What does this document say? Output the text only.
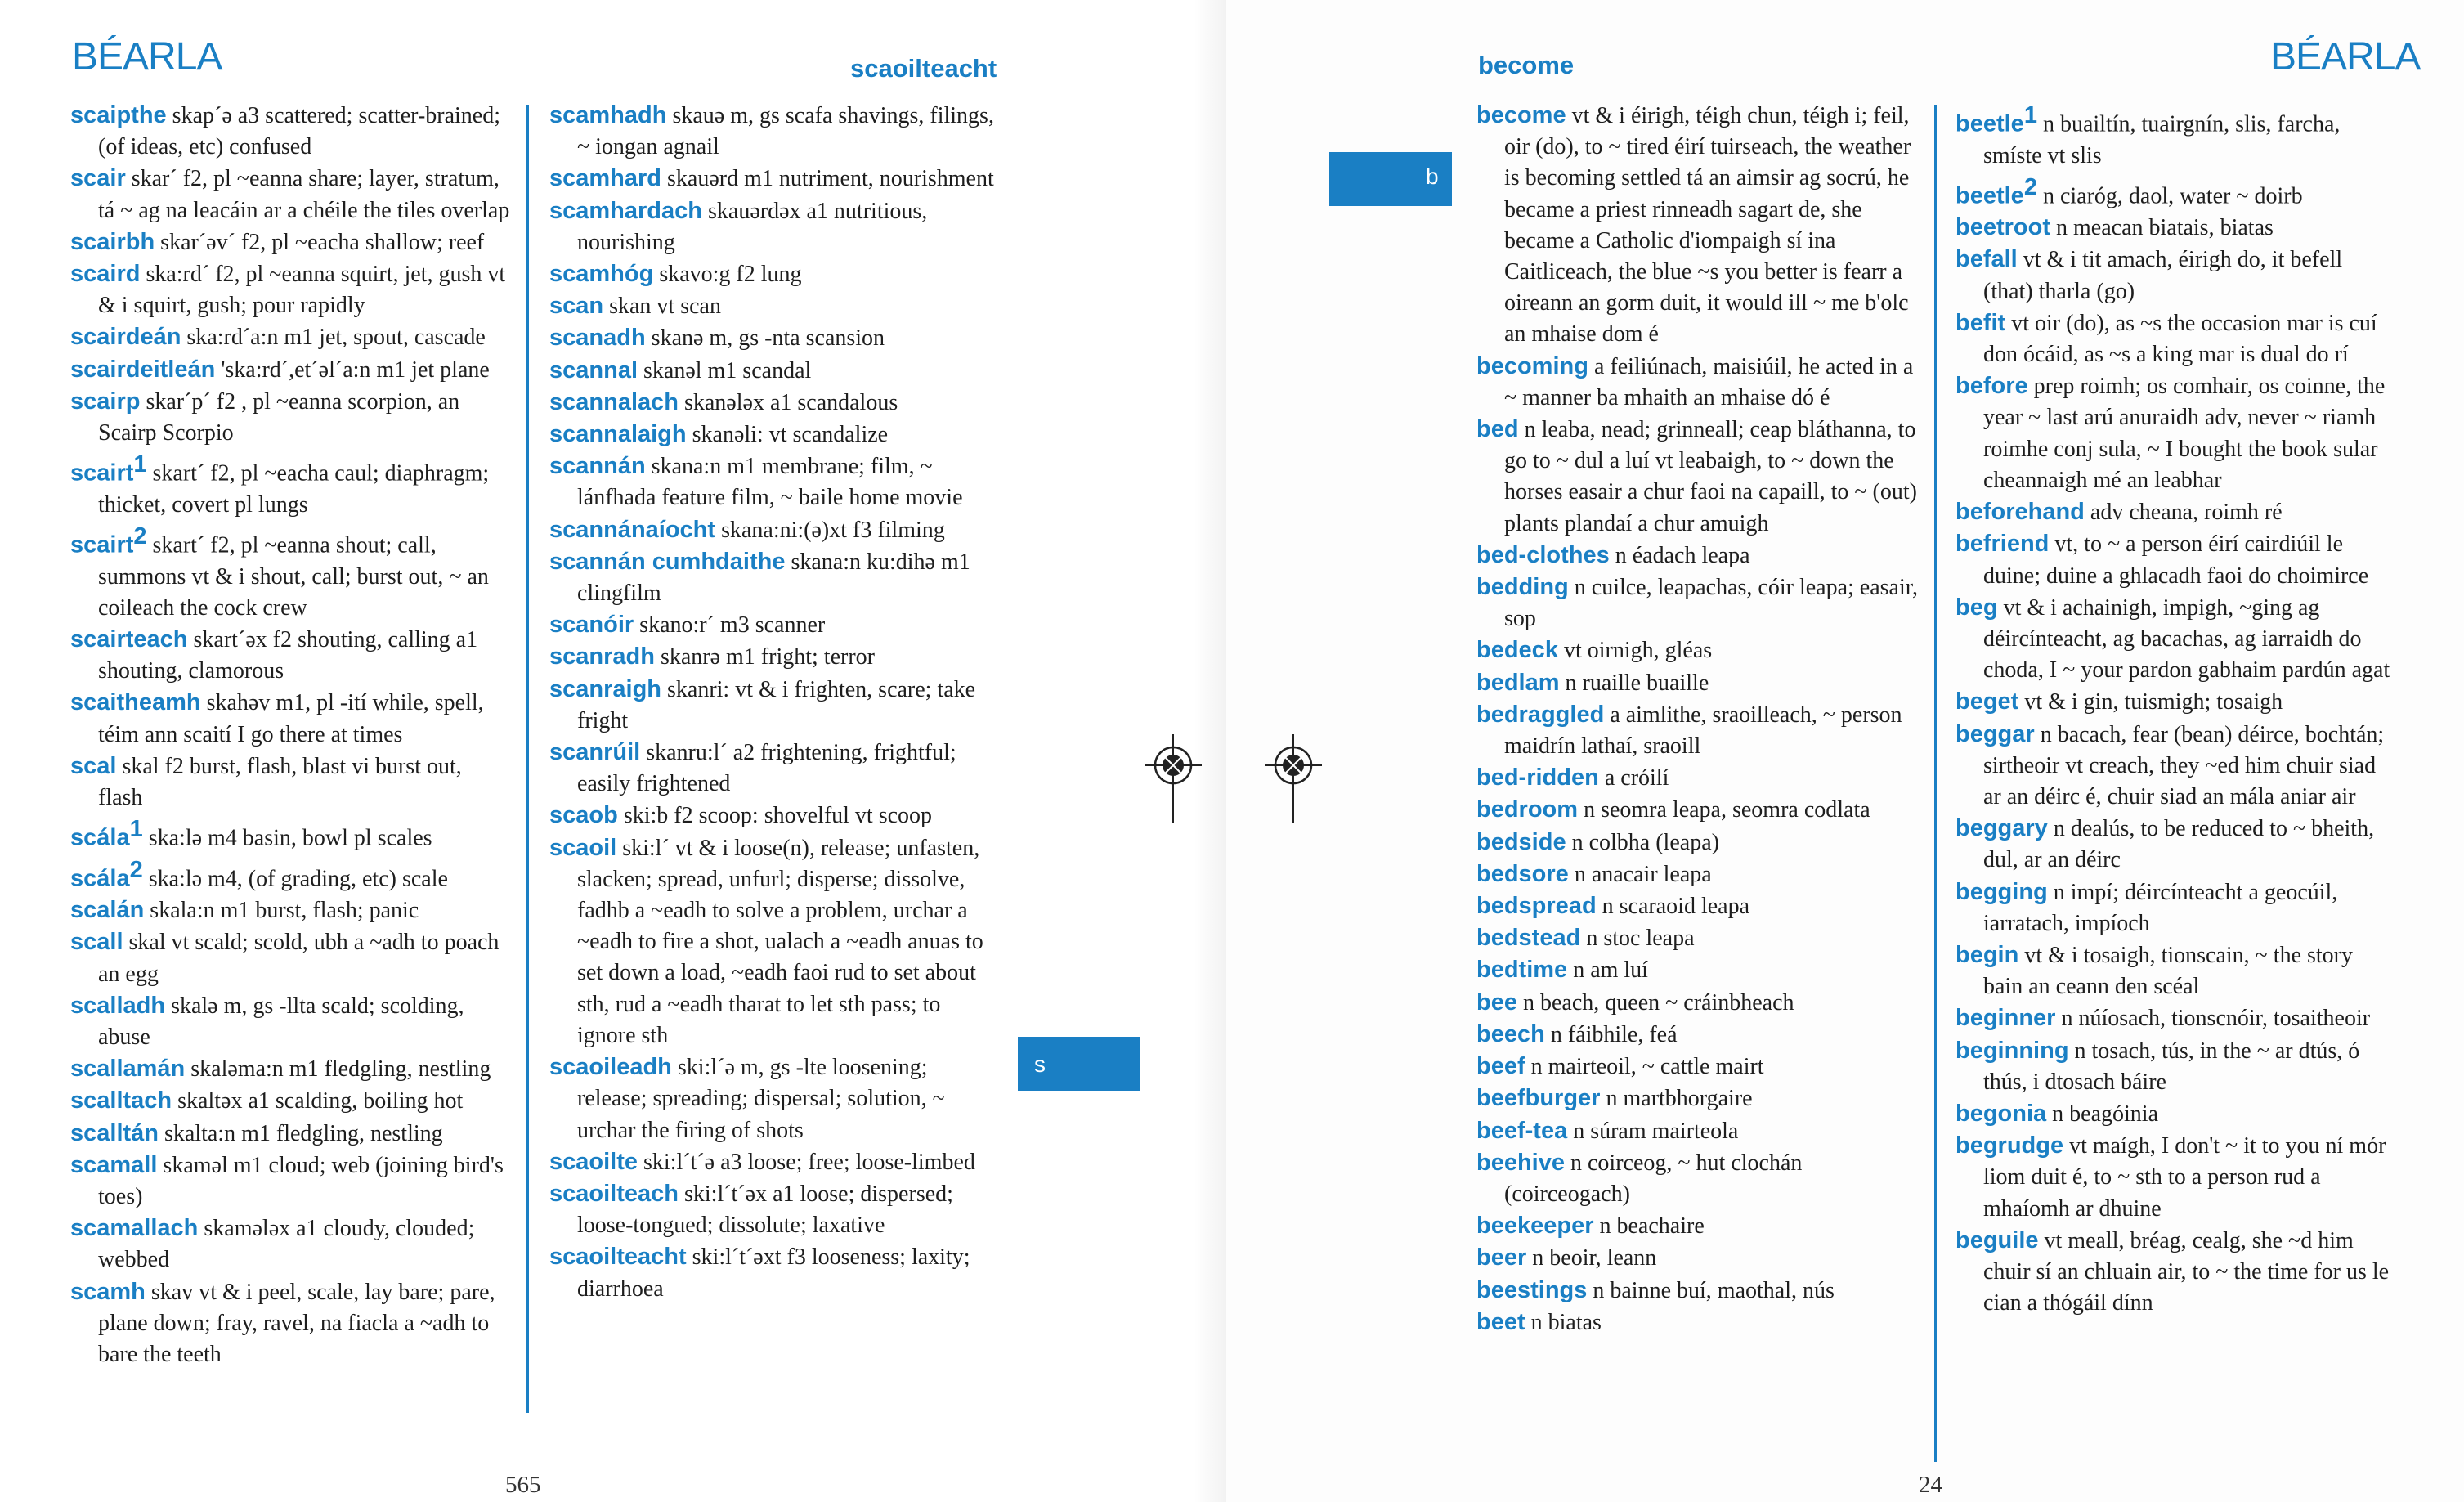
BÉARLA	scaoilteacht

scaipthe skap´ə a3 scattered; scatter-brained; (of ideas, etc) confused

scair skar´ f2, pl ~eanna share; layer, stratum, tá ~ ag na leacáin ar a chéile the tiles overlap

scairbh skar´əv´ f2, pl ~eacha shallow; reef

scaird ska:rd´ f2, pl ~eanna squirt, jet, gush vt & i squirt, gush; pour rapidly

scairdeán ska:rd´a:n m1 jet, spout, cascade

scairdeitleán 'ska:rd´,et´əl´a:n m1 jet plane

scairp skar´p´ f2 , pl ~eanna scorpion, an Scairp Scorpio

scairt$^1$ skart´ f2, pl ~eacha caul; diaphragm; thicket, covert pl lungs

scairt$^2$ skart´ f2, pl ~eanna shout; call, summons vt & i shout, call; burst out, ~ an coileach the cock crew

scairteach skart´əx f2 shouting, calling a1 shouting, clamorous

scaitheamh skahəv m1, pl -ití while, spell, téim ann scaití I go there at times

scal skal f2 burst, flash, blast vi burst out, flash

scála$^1$ ska:lə m4 basin, bowl pl scales

scála$^2$ ska:lə m4, (of grading, etc) scale

scalán skala:n m1 burst, flash; panic

scall skal vt scald; scold, ubh a ~adh to poach an egg

scalladh skalə m, gs -llta scald; scolding, abuse

scallamán skaləma:n m1 fledgling, nestling

scalltach skaltəx a1 scalding, boiling hot

scalltán skalta:n m1 fledgling, nestling

scamall skaməl m1 cloud; web (joining bird's toes)

scamallach skaməlәx a1 cloudy, clouded; webbed

scamh skav vt & i peel, scale, lay bare; pare, plane down; fray, ravel, na fiacla a ~adh to bare the teeth

scamhadh skauə m, gs scafa shavings, filings, ~ iongan agnail

scamhard skauərd m1 nutriment, nourishment

scamhardach skauərdəx a1 nutritious, nourishing

scamhóg skavo:g f2 lung

scan skan vt scan

scanadh skanə m, gs -nta scansion

scannal skanəl m1 scandal

scannalach skanəlәx a1 scandalous

scannalaigh skanəli: vt scandalize

scannán skana:n m1 membrane; film, ~ lánfhada feature film, ~ baile home movie

scannánaíocht skana:ni:(ə)xt f3 filming

scannán cumhdaithe skana:n ku:dihə m1 clingfilm

scanóir skano:r´ m3 scanner

scanradh skanrə m1 fright; terror

scanraigh skanri: vt & i frighten, scare; take fright

scanrúil skanru:l´ a2 frightening, frightful; easily frightened

scaob ski:b f2 scoop: shovelful vt scoop

scaoil ski:l´ vt & i loose(n), release; unfasten, slacken; spread, unfurl; disperse; dissolve, fadhb a ~eadh to solve a problem, urchar a ~eadh to fire a shot, ualach a ~eadh anuas to set down a load, ~eadh faoi rud to set about sth, rud a ~eadh tharat to let sth pass; to ignore sth

scaoileadh ski:l´ə m, gs -lte loosening; release; spreading; dispersal; solution, ~ urchar the firing of shots

scaoilte ski:l´t´ə a3 loose; free; loose-limbed

scaoilteach ski:l´t´əx a1 loose; dispersed; loose-tongued; dissolute; laxative

scaoilteacht ski:l´t´əxt f3 looseness; laxity; diarrhoea

565
s
BÉARLA
become
b

become vt & i éirigh, téigh chun, téigh i; feil, oir (do), to ~ tired éirí tuirseach, the weather is becoming settled tá an aimsir ag socrú, he became a priest rinneadh sagart de, she became a Catholic d'iompaigh sí ina Caitliceach, the blue ~s you better is fearr a oireann an gorm duit, it would ill ~ me b'olc an mhaise dom é

becoming a feiliúnach, maisiúil, he acted in a ~ manner ba mhaith an mhaise dó é

bed n leaba, nead; grinneall; ceap bláthanna, to go to ~ dul a luí vt leabaigh, to ~ down the horses easair a chur faoi na capaill, to ~ (out) plants plandaí a chur amuigh

bed-clothes n éadach leapa

bedding n cuilce, leapachas, cóir leapa; easair, sop

bedeck vt oirnigh, gléas

bedlam n ruaille buaille

bedraggled a aimlithe, sraoilleach, ~ person maidrín lathaí, sraoill

bed-ridden a cróilí

bedroom n seomra leapa, seomra codlata

bedside n colbha (leapa)

bedsore n anacair leapa

bedspread n scaraoid leapa

bedstead n stoc leapa

bedtime n am luí

bee n beach, queen ~ cráinbheach

beech n fáibhile, feá

beef n mairteoil, ~ cattle mairt

beefburger n martbhorgaire

beef-tea n súram mairteola

beehive n coirceog, ~ hut clochán (coirceogach)

beekeeper n beachaire

beer n beoir, leann

beestings n bainne buí, maothal, nús

beet n biatas

beetle$^1$ n buailtín, tuairgnín, slis, farcha, smíste vt slis

beetle$^2$ n ciaróg, daol, water ~ doirb

beetroot n meacan biatais, biatas

befall vt & i tit amach, éirigh do, it befell (that) tharla (go)

befit vt oir (do), as ~s the occasion mar is cuí don ócáid, as ~s a king mar is dual do rí

before prep roimh; os comhair, os coinne, the year ~ last arú anuraidh adv, never ~ riamh roimhe conj sula, ~ I bought the book sular cheannaigh mé an leabhar

beforehand adv cheana, roimh ré

befriend vt, to ~ a person éirí cairdiúil le duine; duine a ghlacadh faoi do choimirce

beg vt & i achainigh, impigh, ~ging ag déircínteacht, ag bacachas, ag iarraidh do choda, I ~ your pardon gabhaim pardún agat

beget vt & i gin, tuismigh; tosaigh

beggar n bacach, fear (bean) déirce, bochtán; sirtheoir vt creach, they ~ed him chuir siad ar an déirc é, chuir siad an mála aniar air

beggary n dealús, to be reduced to ~ bheith, dul, ar an déirc

begging n impí; déircínteacht a geocúil, iarratach, impíoch

begin vt & i tosaigh, tionscain, ~ the story bain an ceann den scéal

beginner n núíosach, tionscnóir, tosaitheoir

beginning n tosach, tús, in the ~ ar dtús, ó thús, i dtosach báire

begonia n beagóinia

begrudge vt maígh, I don't ~ it to you ní mór liom duit é, to ~ sth to a person rud a mhaíomh ar dhuine

beguile vt meall, bréag, cealg, she ~d him chuir sí an chluain air, to ~ the time for us le cian a thógáil dínn

24
